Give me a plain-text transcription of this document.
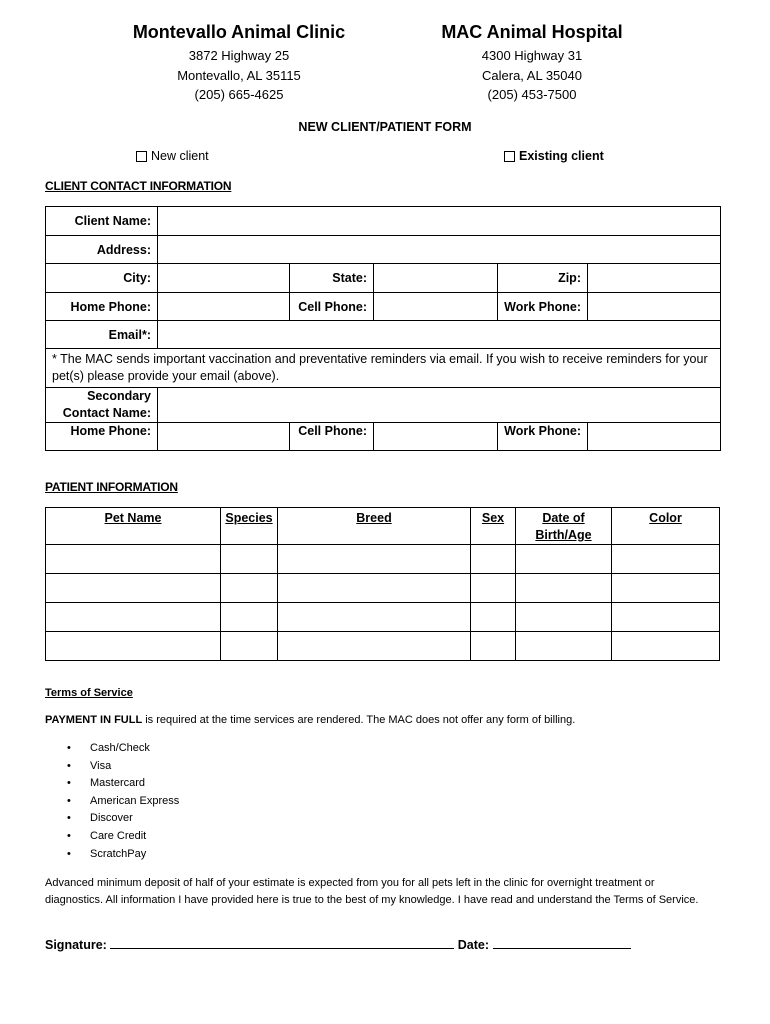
Montevallo Animal Clinic
3872 Highway 25
Montevallo, AL 35115
(205) 665-4625
MAC Animal Hospital
4300 Highway 31
Calera, AL 35040
(205) 453-7500
NEW CLIENT/PATIENT FORM
New client	Existing client
CLIENT CONTACT INFORMATION
Client Name:					
Address:					
City:		State:		Zip:	
Home Phone:		Cell Phone:		Work Phone:	
Email*:					
* The MAC sends important vaccination and preventative reminders via email. If you wish to receive reminders for your pet(s) please provide your email (above).					

Secondary
Contact Name:					

Home Phone:		Cell Phone:		Work Phone:	
PATIENT INFORMATION
Pet Name	Species	Breed	Sex	Date of Birth/Age	Color

Terms of Service
PAYMENT IN FULL is required at the time services are rendered. The MAC does not offer any form of billing.
• Cash/Check
• Visa
• Mastercard
• American Express
• Discover
• Care Credit
• ScratchPay
Advanced minimum deposit of half of your estimate is expected from you for all pets left in the clinic for overnight treatment or diagnostics. All information I have provided here is true to the best of my knowledge. I have read and understand the Terms of Service.
Signature:	Date:
